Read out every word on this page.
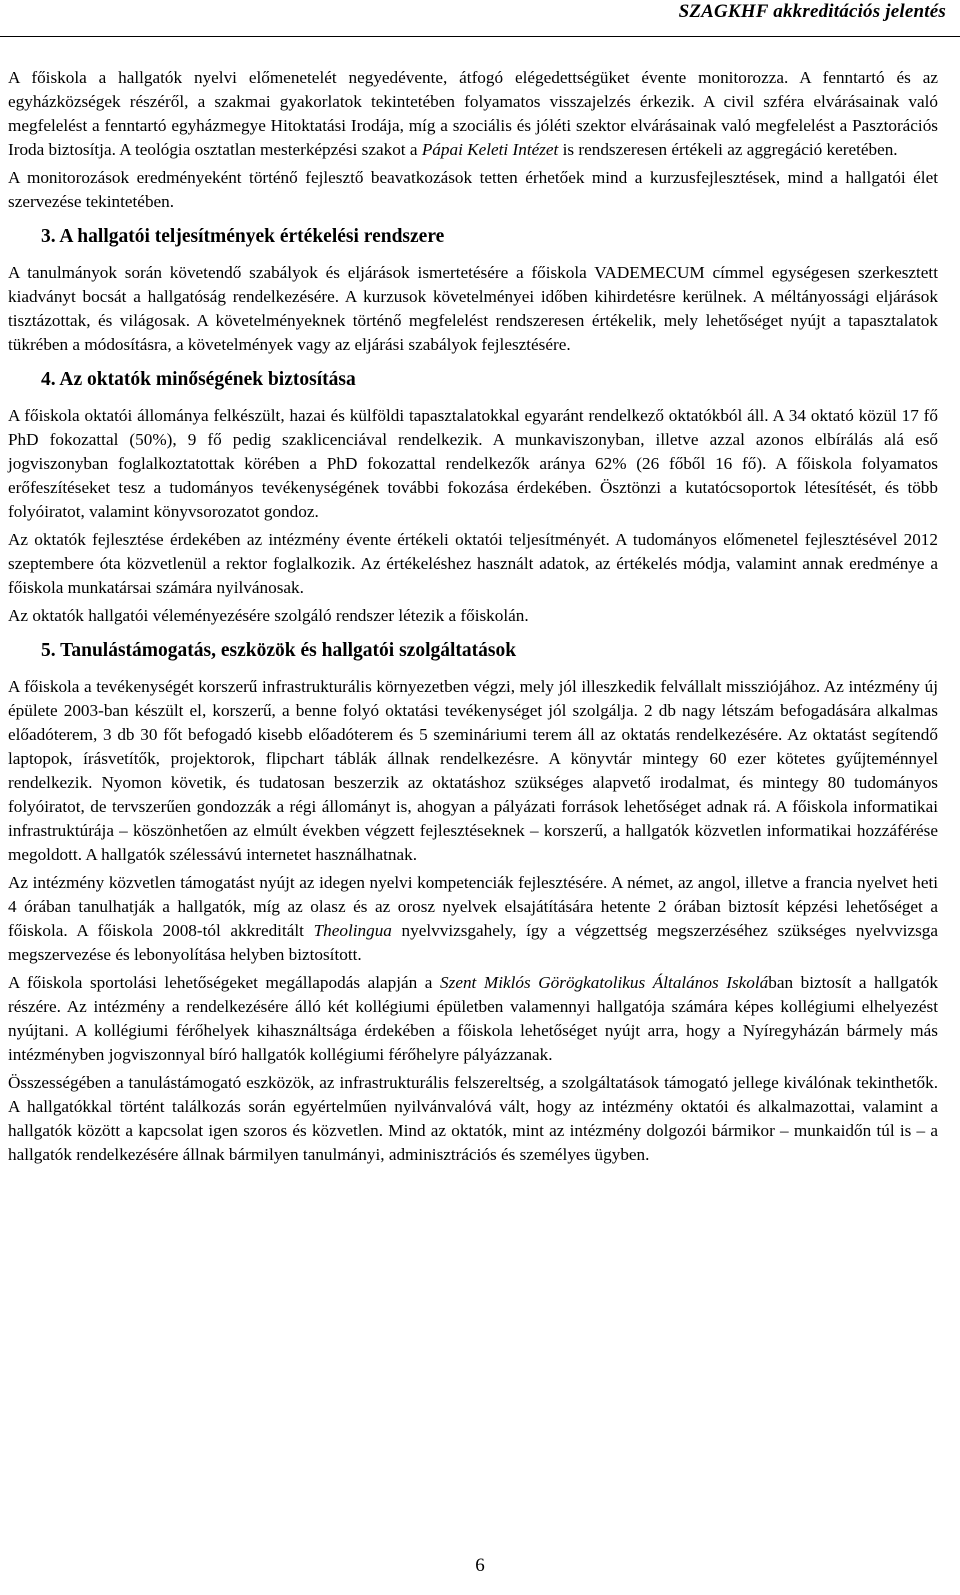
SZAGKHF akkreditációs jelentés

A főiskola a hallgatók nyelvi előmenetelét negyedévente, átfogó elégedettségüket évente monitorozza. A fenntartó és az egyházközségek részéről, a szakmai gyakorlatok tekintetében folyamatos visszajelzés érkezik. A civil szféra elvárásainak való megfelelést a fenntartó egyházmegye Hitoktatási Irodája, míg a szociális és jóléti szektor elvárásainak való megfelelést a Pasztorációs Iroda biztosítja. A teológia osztatlan mesterképzési szakot a Pápai Keleti Intézet is rendszeresen értékeli az aggregáció keretében.

A monitorozások eredményeként történő fejlesztő beavatkozások tetten érhetőek mind a kurzusfejlesztések, mind a hallgatói élet szervezése tekintetében.

3. A hallgatói teljesítmények értékelési rendszere

A tanulmányok során követendő szabályok és eljárások ismertetésére a főiskola VADEMECUM címmel egységesen szerkesztett kiadványt bocsát a hallgatóság rendelkezésére. A kurzusok követelményei időben kihirdetésre kerülnek. A méltányossági eljárások tisztázottak, és világosak. A követelményeknek történő megfelelést rendszeresen értékelik, mely lehetőséget nyújt a tapasztalatok tükrében a módosításra, a követelmények vagy az eljárási szabályok fejlesztésére.

4. Az oktatók minőségének biztosítása

A főiskola oktatói állománya felkészült, hazai és külföldi tapasztalatokkal egyaránt rendelkező oktatókból áll. A 34 oktató közül 17 fő PhD fokozattal (50%), 9 fő pedig szaklicenciával rendelkezik. A munkaviszonyban, illetve azzal azonos elbírálás alá eső jogviszonyban foglalkoztatottak körében a PhD fokozattal rendelkezők aránya 62% (26 főből 16 fő). A főiskola folyamatos erőfeszítéseket tesz a tudományos tevékenységének további fokozása érdekében. Ösztönzi a kutatócsoportok létesítését, és több folyóiratot, valamint könyvsorozatot gondoz.

Az oktatók fejlesztése érdekében az intézmény évente értékeli oktatói teljesítményét. A tudományos előmenetel fejlesztésével 2012 szeptembere óta közvetlenül a rektor foglalkozik. Az értékeléshez használt adatok, az értékelés módja, valamint annak eredménye a főiskola munkatársai számára nyilvánosak.

Az oktatók hallgatói véleményezésére szolgáló rendszer létezik a főiskolán.

5. Tanulástámogatás, eszközök és hallgatói szolgáltatások

A főiskola a tevékenységét korszerű infrastrukturális környezetben végzi, mely jól illeszkedik felvállalt missziójához. Az intézmény új épülete 2003-ban készült el, korszerű, a benne folyó oktatási tevékenységet jól szolgálja. 2 db nagy létszám befogadására alkalmas előadóterem, 3 db 30 főt befogadó kisebb előadóterem és 5 szemináriumi terem áll az oktatás rendelkezésére. Az oktatást segítendő laptopok, írásvetítők, projektorok, flipchart táblák állnak rendelkezésre. A könyvtár mintegy 60 ezer kötetes gyűjteménnyel rendelkezik. Nyomon követik, és tudatosan beszerzik az oktatáshoz szükséges alapvető irodalmat, és mintegy 80 tudományos folyóiratot, de tervszerűen gondozzák a régi állományt is, ahogyan a pályázati források lehetőséget adnak rá. A főiskola informatikai infrastruktúrája – köszönhetően az elmúlt években végzett fejlesztéseknek – korszerű, a hallgatók közvetlen informatikai hozzáférése megoldott. A hallgatók szélessávú internetet használhatnak.

Az intézmény közvetlen támogatást nyújt az idegen nyelvi kompetenciák fejlesztésére. A német, az angol, illetve a francia nyelvet heti 4 órában tanulhatják a hallgatók, míg az olasz és az orosz nyelvek elsajátítására hetente 2 órában biztosít képzési lehetőséget a főiskola. A főiskola 2008-tól akkreditált Theolingua nyelvvizsgahely, így a végzettség megszerzéséhez szükséges nyelvvizsga megszervezése és lebonyolítása helyben biztosított.

A főiskola sportolási lehetőségeket megállapodás alapján a Szent Miklós Görögkatolikus Általános Iskolában biztosít a hallgatók részére. Az intézmény a rendelkezésére álló két kollégiumi épületben valamennyi hallgatója számára képes kollégiumi elhelyezést nyújtani. A kollégiumi férőhelyek kihasználtsága érdekében a főiskola lehetőséget nyújt arra, hogy a Nyíregyházán bármely más intézményben jogviszonnyal bíró hallgatók kollégiumi férőhelyre pályázzanak.

Összességében a tanulástámogató eszközök, az infrastrukturális felszereltség, a szolgáltatások támogató jellege kiválónak tekinthetők. A hallgatókkal történt találkozás során egyértelműen nyilvánvalóvá vált, hogy az intézmény oktatói és alkalmazottai, valamint a hallgatók között a kapcsolat igen szoros és közvetlen. Mind az oktatók, mint az intézmény dolgozói bármikor – munkaidőn túl is – a hallgatók rendelkezésére állnak bármilyen tanulmányi, adminisztrációs és személyes ügyben.

6
